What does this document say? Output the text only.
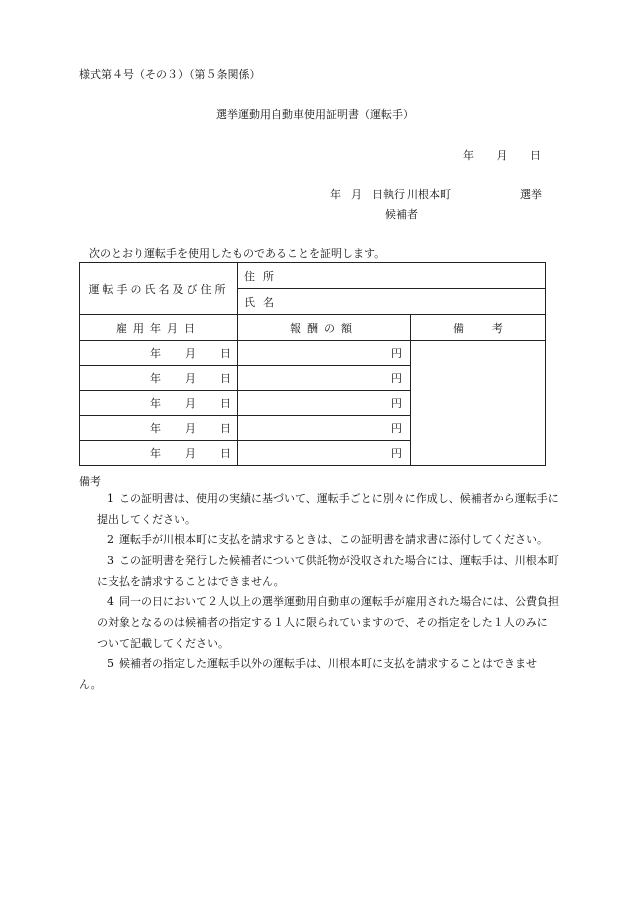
様式第４号（その３）（第５条関係）
選挙運動用自動車使用証明書（運転手）
年 月 日
年 月 日執行 川根本町	選挙
候補者
次のとおり運転手を使用したものであることを証明します。
運転手の氏名及び住所	住所	
	氏名	
雇用年月日	報酬の額	備 考
年 月 日	円	
年 月 日	円	
年 月 日	円	
年 月 日	円	
年 月 日	円	
備考
1 この証明書は、使用の実績に基づいて、運転手ごとに別々に作成し、候補者から運転手に
提出してください。
2 運転手が川根本町に支払を請求するときは、この証明書を請求書に添付してください。
3 この証明書を発行した候補者について供託物が没収された場合には、運転手は、川根本町
に支払を請求することはできません。
4 同一の日において２人以上の選挙運動用自動車の運転手が雇用された場合には、公費負担
の対象となるのは候補者の指定する１人に限られていますので、その指定をした１人のみに
ついて記載してください。
5 候補者の指定した運転手以外の運転手は、川根本町に支払を請求することはできません。
